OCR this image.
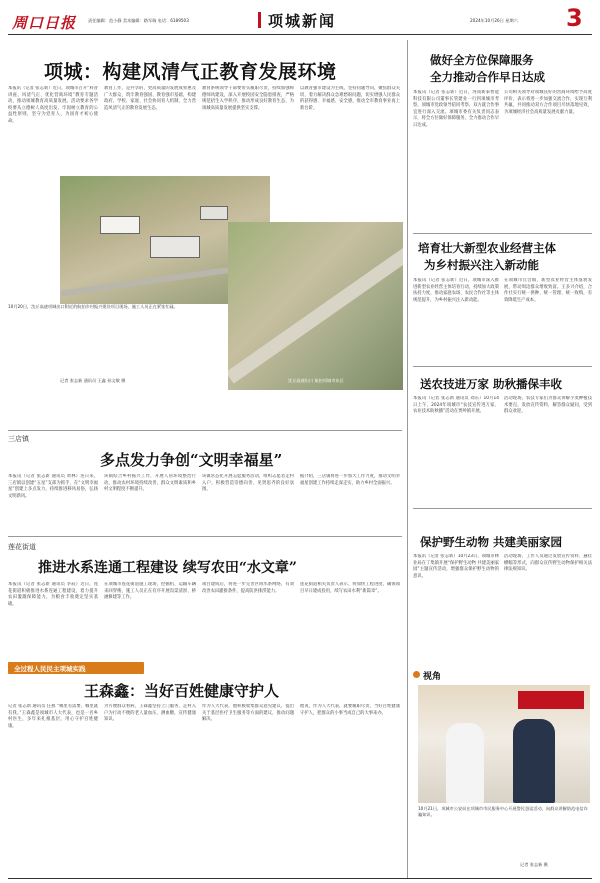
周口日报	责任编辑：范小静 美术编辑：路军瑞 电话：6189503	项城新闻	2024年10月26日 星期六 3
项城：构建风清气正教育发展环境
本报讯（记者 张志新）近日，项城市召开“科普讲座、风清气正、优化营商环境”教育专题活动，推动项城教育高质量发展。活动要求各学校要从立德树人高度出发，牢固树立教育的公益性原则，坚守为党育人、为国育才初心使命。
教育工作，是共享的、更高质量的发展成果惠及广大群众，筑牢教育强国、教育强市基础，构建政府、学校、家庭、社会协同育人机制，全力营造风清气正的教育发展生态。
教育系统领导干部要带头履职尽责，持续加强师德师风建设，深入开展校园安全隐患排查，严格规范招生入学秩序，推动形成良好教育生态，为项城高质量发展提供坚实支撑。
以教育强市建设为主线，坚持问题导向，聚焦群众关切，着力解决群众急难愁盼问题，切实增强人民群众的获得感、幸福感、安全感，推动全市教育事业再上新台阶。
10月20日，沈丘高速项城出口附近的航拍乡村振兴建设项目现场，施工人员正在紧张忙碌。
记者 张志新 通讯员 王鑫 孙文敏 摄	沈丘高速出口 航拍项城市东区
做好全方位保障服务
全力推动合作早日达成
本报讯（记者 张志新）近日，河南新泰智能科技有限公司董事长管建业一行到项城市考察，项城市党政领导陪同考察，双方就合作事宜进行深入交流。项城市委有关负责同志表示，将全方位做好保障服务，全力推动合作早日达成。
公司相关领导对项城良好的营商环境给予高度评价，表示将进一步加强交流合作，实现互利共赢，共同推动双方合作项目尽快落地见效，为项城经济社会高质量发展贡献力量。
培育壮大新型农业经营主体
为乡村振兴注入新动能
本报讯（记者 张志新）近日，项城市深入推进新型农业经营主体培育行动，持续加大政策扶持力度，推动家庭农场、农民合作社等主体规范提升，为乡村振兴注入新动能。
在项城市官会镇，新型农业经营主体蓬勃发展，带动周边群众增收致富。王多兴介绍，合作社实行统一供种、统一管理、统一收购，有效降低生产成本。
送农技进万家 助秋播保丰收
本报讯（记者 张志新 通讯员 刘东）10月14日上午，2024年项城市“农技宣传进万家、农业技术助秋播”活动在贾岭镇开展。
活动现场，农技专家们为群众讲解小麦种植技术要点，发放宣传资料，解答群众疑问，受到群众欢迎。
保护野生动物 共建美丽家园
本报讯（记者 张志新）10月23日，项城市林业局在丁集镇开展“保护野生动物 共建美丽家园”主题宣传活动，增强群众保护野生动物的意识。
活动现场，工作人员通过发放宣传资料、悬挂横幅等形式，向群众宣传野生动物保护相关法律法规知识。
视角
10月21日，项城市公安局在项城市市民服务中心开展警民恳谈活动，向群众讲解防范电信诈骗知识。
记者 张志新 摄
三店镇
多点发力争创“文明幸福星”
本报讯（记者 张志新 通讯员 黄林）连日来，三店镇以创建“五星”支部为抓手，在“文明幸福星”创建上多点发力，持续推进移风易俗，弘扬文明新风。
该镇结合乡村振兴工作，开展人居环境整治行动，推动农村环境持续改善，群众文明素质和乡村文明程度不断提升。
该镇常态化开展志愿服务活动，组织志愿者走村入户，积极营造崇德向善、见贤思齐的良好氛围。
据介绍，三店镇将进一步加大工作力度，推动文明幸福星创建工作持续走深走实，助力乡村全面振兴。
莲花街道
推进水系连通工程建设 续写农田“水文章”
本报讯（记者 张志新 通讯员 李辰）近日，莲花街道积极推进水系连通工程建设，着力提升农田灌溉保障能力，为粮食丰收奠定坚实基础。
在项城市莲花街道施工现场，挖掘机、运输车辆来回穿梭，施工人员正在有序开展沟渠清淤、桥涵修建等工作。
项目建成后，将进一步完善区域水系网络，有效改善农田灌排条件，提高防洪排涝能力。
莲花街道相关负责人表示，将加快工程进度，确保项目早日建成投用，续写农田水利“新篇章”。
全过程人民民主项城实践
王森鑫：当好百姓健康守护人
记者 张志新 通讯员 任燕 “哪里有需要，哪里就有我。”王森鑫是项城市人大代表，也是一名乡村医生，多年来扎根基层，用心守护百姓健康。
为方便群众看病，王森鑫坚持上门服务，走村入户为行动不便的老人量血压、测血糖，宣传健康知识。
作为人大代表，他积极收集群众意见建议，提出关于基层医疗卫生服务等方面的建议，推动问题解决。
他说，作为人大代表，就要履职尽责，当好百姓健康守护人，把群众的小事当成自己的大事来办。
